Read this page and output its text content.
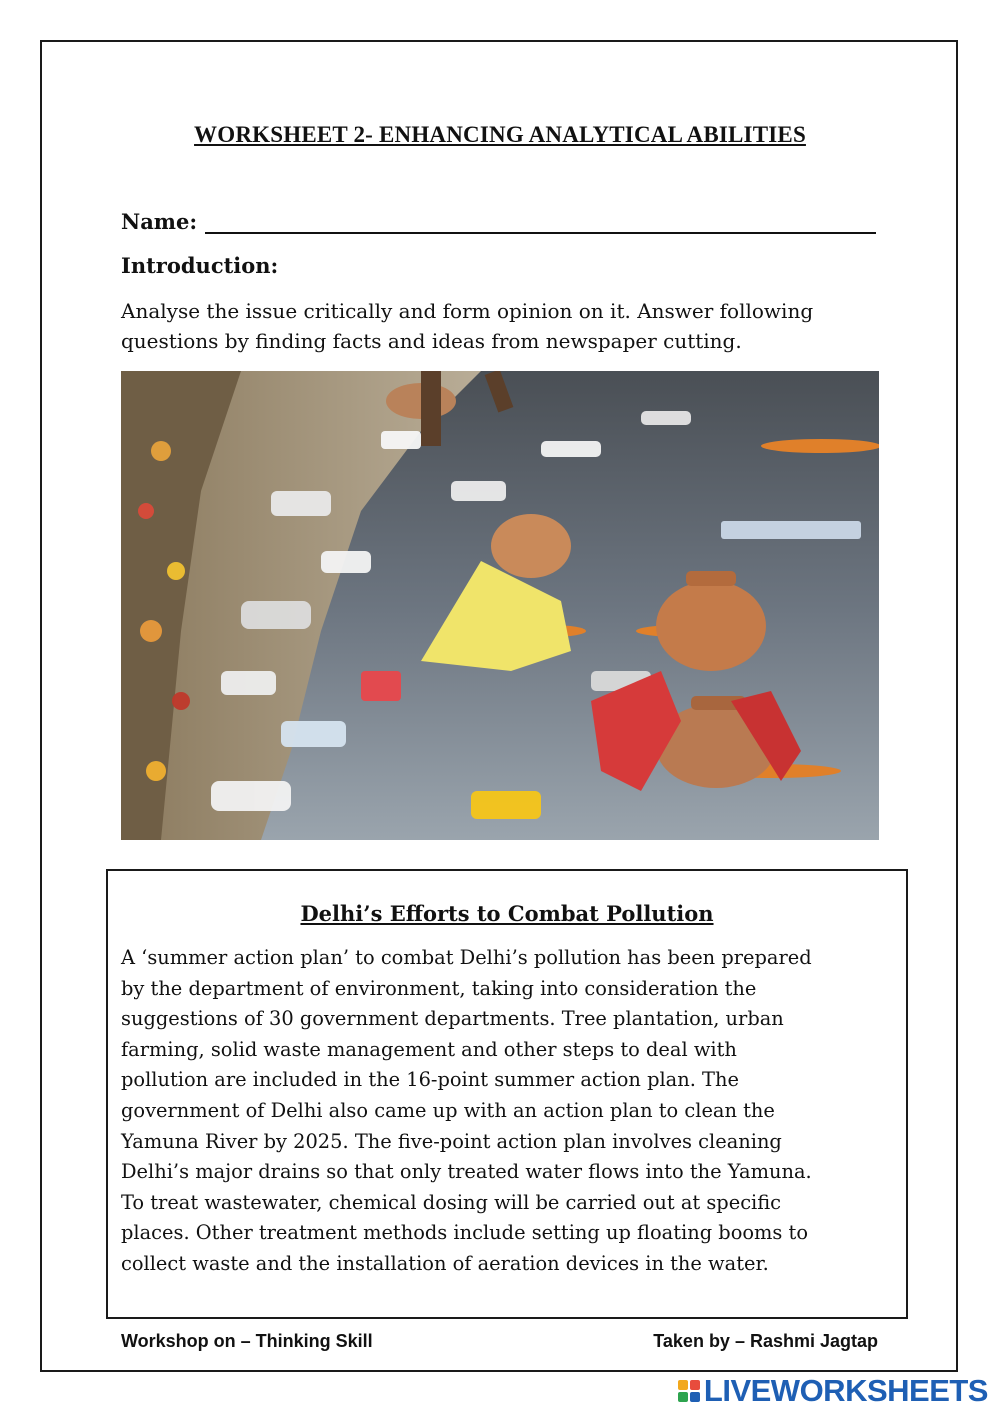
WORKSHEET 2- ENHANCING ANALYTICAL ABILITIES
Name:
Introduction:
Analyse the issue critically and form opinion on it. Answer following questions by finding facts and ideas from newspaper cutting.
Delhi’s Efforts to Combat Pollution
A ‘summer action plan’ to combat Delhi’s pollution has been prepared
by the department of environment, taking into consideration the
suggestions of 30 government departments. Tree plantation, urban
farming, solid waste management and other steps to deal with
pollution are included in the 16-point summer action plan. The
government of Delhi also came up with an action plan to clean the
Yamuna River by 2025. The five-point action plan involves cleaning
Delhi’s major drains so that only treated water flows into the Yamuna.
To treat wastewater, chemical dosing will be carried out at specific
places. Other treatment methods include setting up floating booms to
collect waste and the installation of aeration devices in the water.
Workshop on – Thinking Skill	Taken by – Rashmi Jagtap
LIVEWORKSHEETS
